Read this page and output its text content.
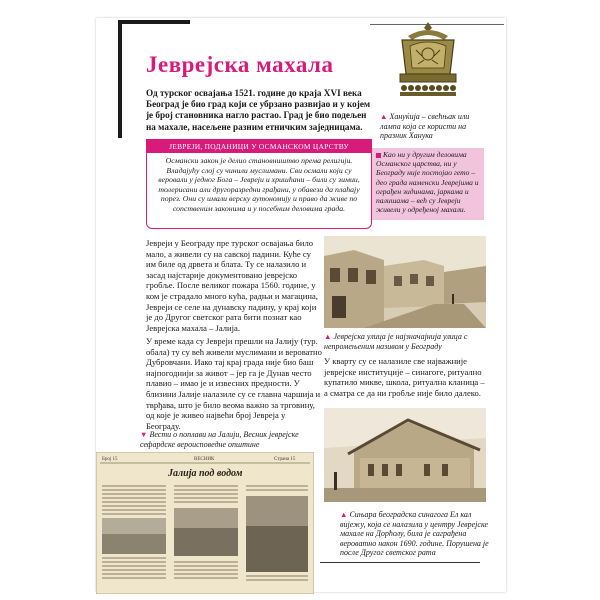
Јеврејска махала

Од турског освајања 1521. године до краја XVI века Београд је био град који се убрзано развијао и у којем је број становника нагло растао. Град је био подељен на махале, насељене разним етничким заједницама.

ЈЕВРЕЈИ, ПОДАНИЦИ У ОСМАНСКОМ ЦАРСТВУ

Османски закон је делио становништво према религији. Владајућу слој су чинили муслимани. Сви осмали који су веровали у једног Бога – Јевреји и хришћани – били су зимии, толерисани али другоразредни грађани, у обавези да плаћају порез. Они су имали верску аутономију и право да живе по сопственим законима и у посебним деловима града.

▲ Хануќија – свећњак или лампа која се користи на празник Ханука

Као ни у другим деловима Османског царства, ни у Београду није постојао гето – део града наменски Јеврејима и ограђен зидинама, јаркама и палишама – већ су Јевреји живели у одређеној махали.

Јевреји у Београду пре турског освајања било мало, а живели су на савској падини. Куће су им биле од дрвета и блата. Ту се налазило и засад најстарије документовано јеврејско гробље. После великог пожара 1560. године, у ком је страдало много кућа, радњи и магацина, Јевреји се селе на дунавску падину, у крај који је до Другог светског рата бити познат као Јеврејска махала – Јалија.

У време када су Јевреји прешли на Јалију (тур. обала) ту су већ живели муслимани и вероватно Дубровчани. Иако тај крај града није био баш најпогоднији за живот – јер га је Дунав често плавио – имао је и извесних предности. У близини Јалије налазиле су се главна чаршија и тврђава, што је било веома важно за трговину, од које је живео највећи број Јевреја у Београду.

▼ Вести о поплави на Јалији, Весник јеврејске сефардске вероисповедне општине

▲ Јеврејска улица је најзначајнија улица с непромењеним називом у Београду

У кварту су се налазиле све најважније јеврејске институције – синагоге, ритуално купатило микве, школа, ритуална кланица – а сматра се да ни гробље није било далеко.

▲ Сињара београдска синагога Ел кал вијежу, која се налазила у центру Јеврејске махале на Дорћолу, била је саграђена вероватно након 1690. године. Порушена је после Другог светског рата

Број 15	ВЕСНИК	Страна 15
Јалија под водом
